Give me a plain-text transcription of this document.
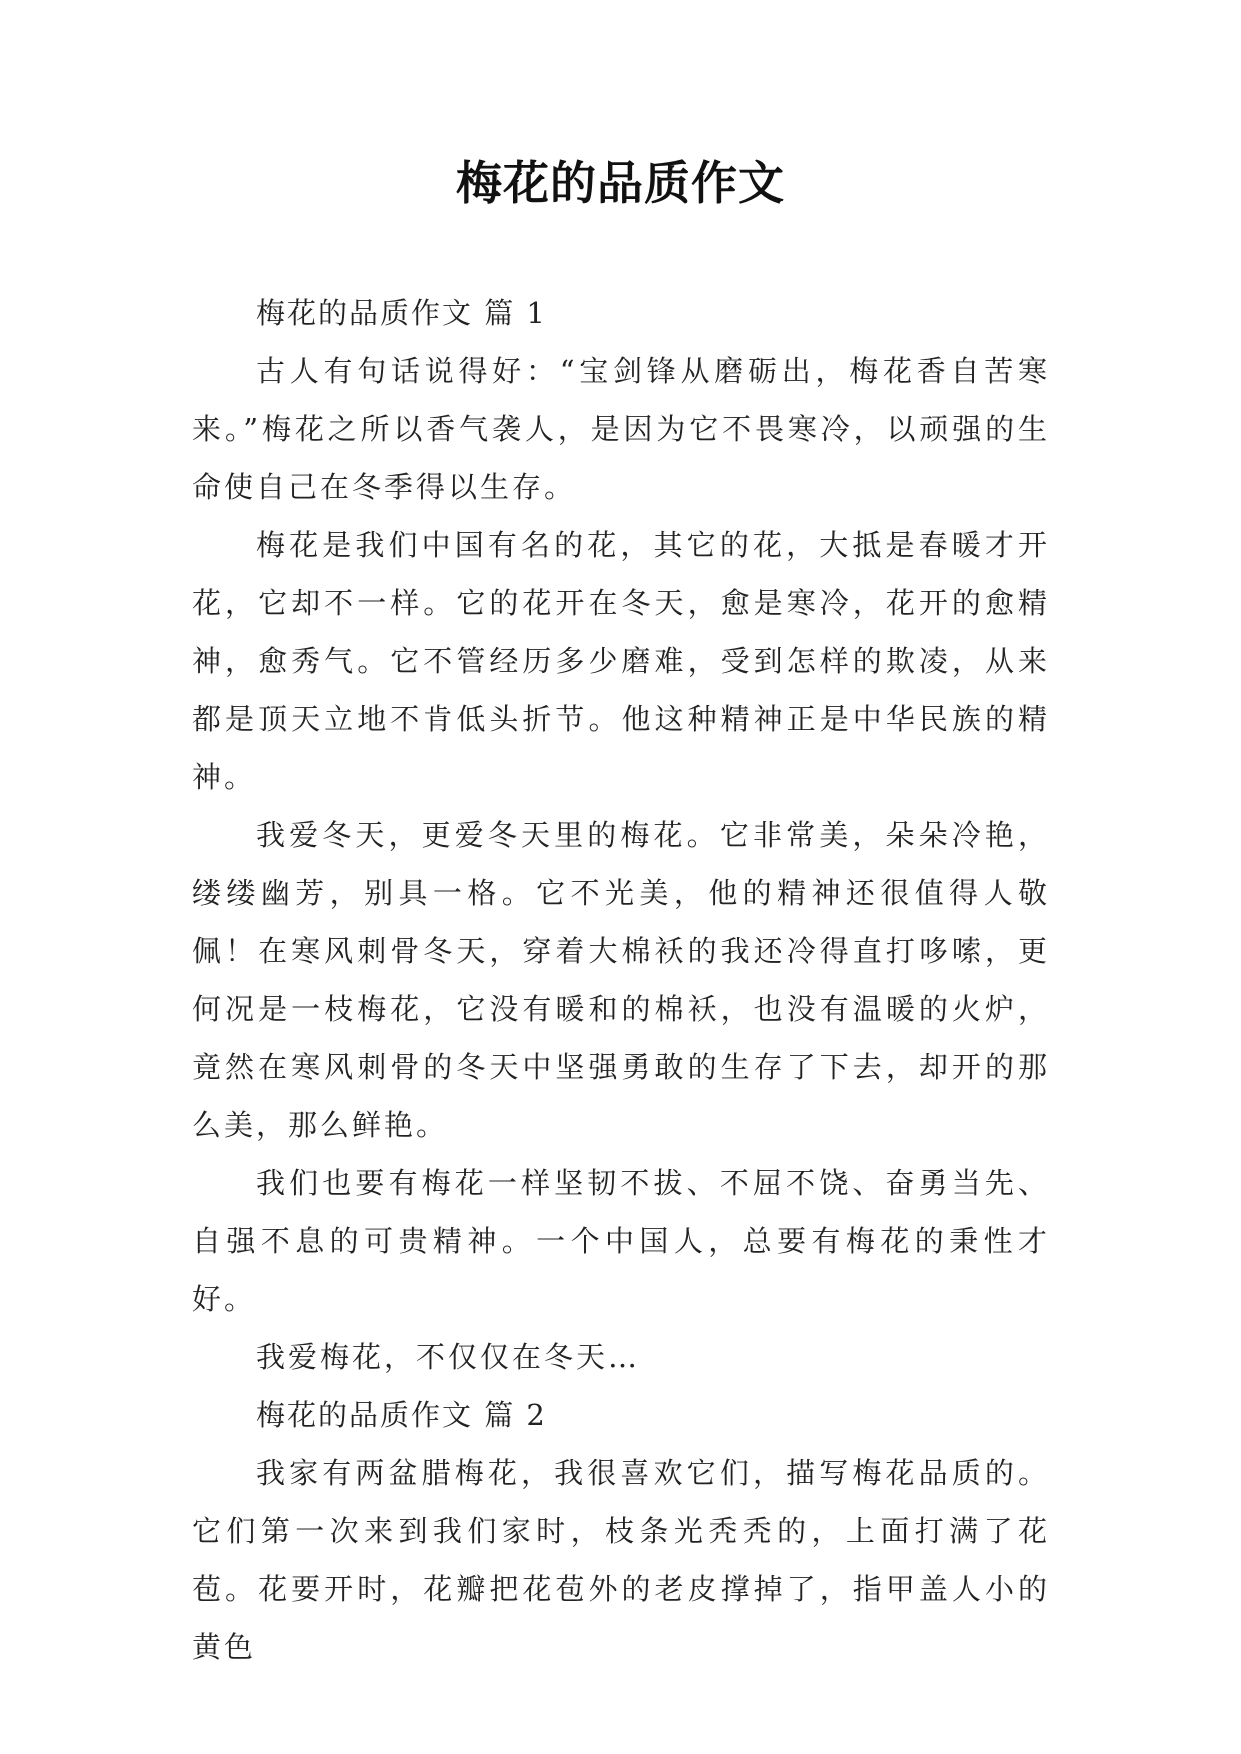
梅花的品质作文

梅花的品质作文 篇 1

古人有句话说得好：“宝剑锋从磨砺出，梅花香自苦寒来。”梅花之所以香气袭人，是因为它不畏寒冷，以顽强的生命使自己在冬季得以生存。

梅花是我们中国有名的花，其它的花，大抵是春暖才开花，它却不一样。它的花开在冬天，愈是寒冷，花开的愈精神，愈秀气。它不管经历多少磨难，受到怎样的欺凌，从来都是顶天立地不肯低头折节。他这种精神正是中华民族的精神。

我爱冬天，更爱冬天里的梅花。它非常美，朵朵冷艳，缕缕幽芳，别具一格。它不光美，他的精神还很值得人敬佩！在寒风刺骨冬天，穿着大棉袄的我还冷得直打哆嗦，更何况是一枝梅花，它没有暖和的棉袄，也没有温暖的火炉，竟然在寒风刺骨的冬天中坚强勇敢的生存了下去，却开的那么美，那么鲜艳。

我们也要有梅花一样坚韧不拔、不屈不饶、奋勇当先、自强不息的可贵精神。一个中国人，总要有梅花的秉性才好。

我爱梅花，不仅仅在冬天…

梅花的品质作文 篇 2

我家有两盆腊梅花，我很喜欢它们，描写梅花品质的。它们第一次来到我们家时，枝条光秃秃的，上面打满了花苞。花要开时，花瓣把花苞外的老皮撑掉了，指甲盖人小的黄色
